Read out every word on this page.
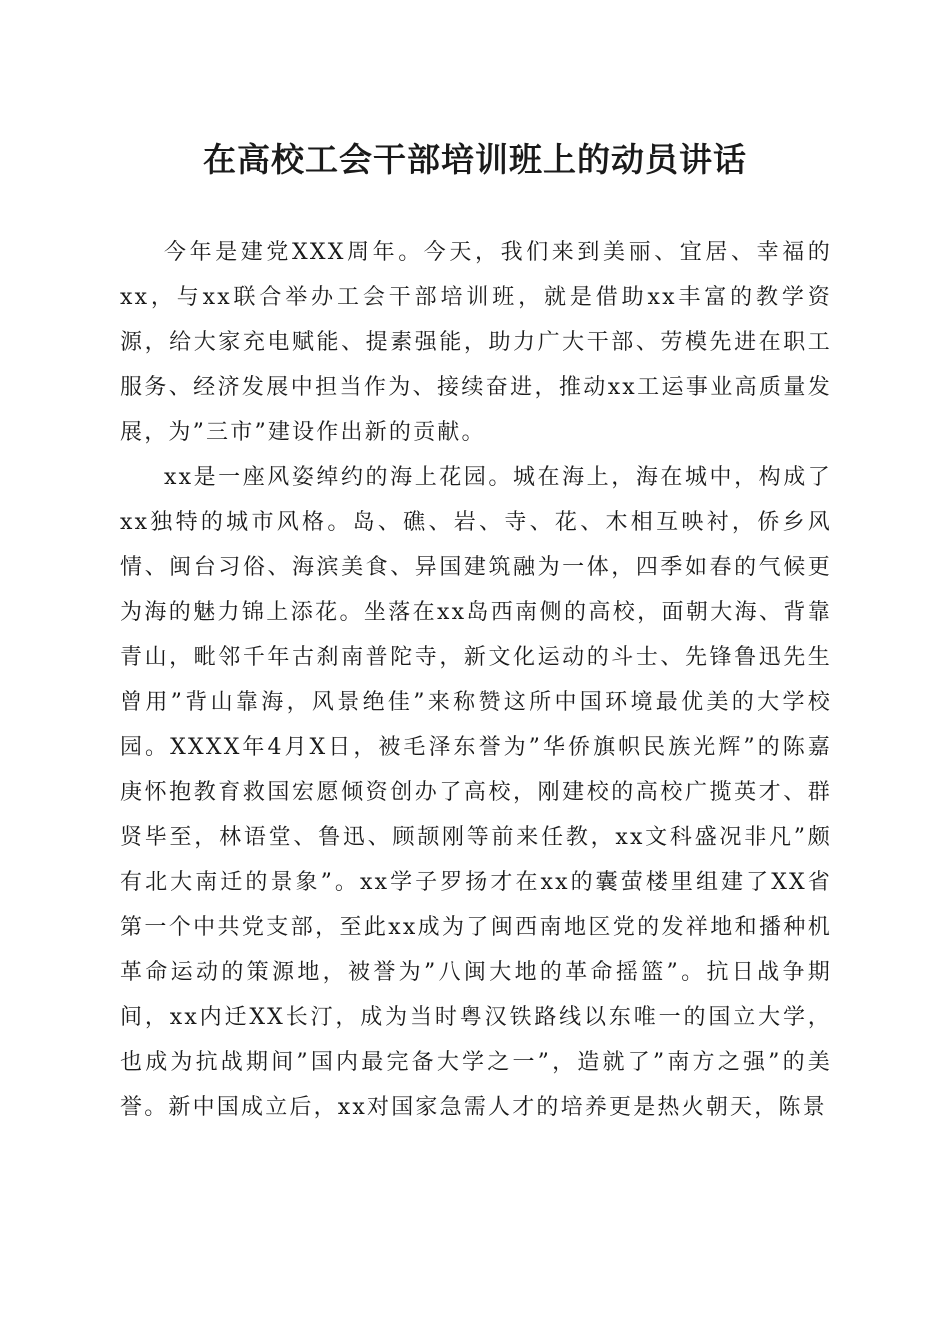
在高校工会干部培训班上的动员讲话

今年是建党XXX周年。今天，我们来到美丽、宜居、幸福的xx，与xx联合举办工会干部培训班，就是借助xx丰富的教学资源，给大家充电赋能、提素强能，助力广大干部、劳模先进在职工服务、经济发展中担当作为、接续奋进，推动xx工运事业高质量发展，为”三市”建设作出新的贡献。

xx是一座风姿绰约的海上花园。城在海上，海在城中，构成了xx独特的城市风格。岛、礁、岩、寺、花、木相互映衬，侨乡风情、闽台习俗、海滨美食、异国建筑融为一体，四季如春的气候更为海的魅力锦上添花。坐落在xx岛西南侧的高校，面朝大海、背靠青山，毗邻千年古刹南普陀寺，新文化运动的斗士、先锋鲁迅先生曾用”背山靠海，风景绝佳”来称赞这所中国环境最优美的大学校园。XXXX年4月X日，被毛泽东誉为”华侨旗帜民族光辉”的陈嘉庚怀抱教育救国宏愿倾资创办了高校，刚建校的高校广揽英才、群贤毕至，林语堂、鲁迅、顾颉刚等前来任教，xx文科盛况非凡”颇有北大南迁的景象”。xx学子罗扬才在xx的囊萤楼里组建了XX省第一个中共党支部，至此xx成为了闽西南地区党的发祥地和播种机革命运动的策源地，被誉为”八闽大地的革命摇篮”。抗日战争期间，xx内迁XX长汀，成为当时粤汉铁路线以东唯一的国立大学，也成为抗战期间”国内最完备大学之一”，造就了”南方之强”的美誉。新中国成立后，xx对国家急需人才的培养更是热火朝天，陈景
